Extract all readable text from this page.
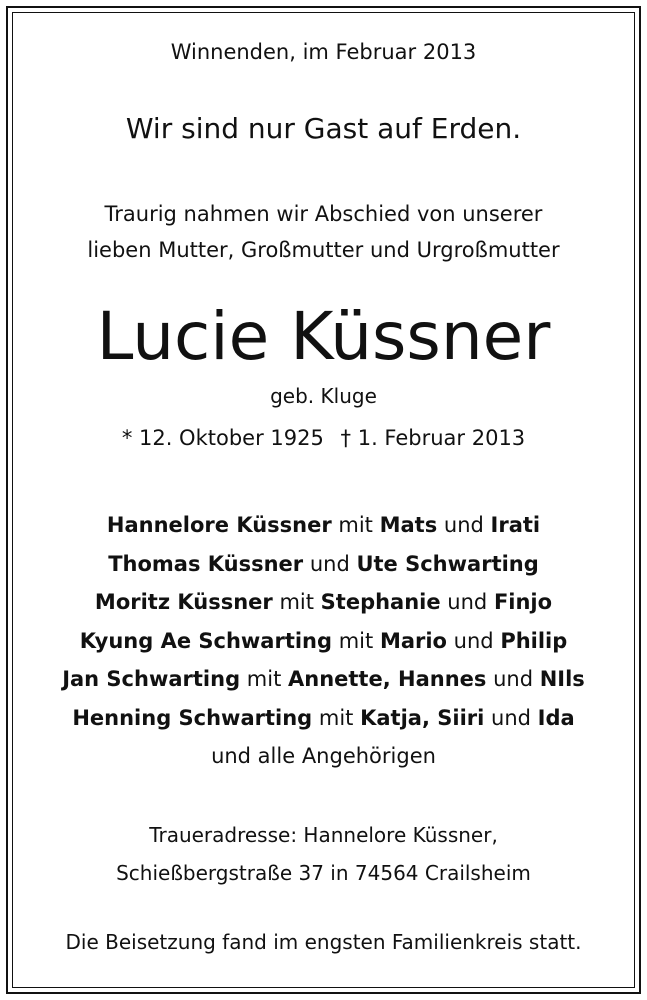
Winnenden, im Februar 2013
Wir sind nur Gast auf Erden.
Traurig nahmen wir Abschied von unserer
lieben Mutter, Großmutter und Urgroßmutter
Lucie Küssner
geb. Kluge
* 12. Oktober 1925 † 1. Februar 2013
Hannelore Küssner mit Mats und Irati
Thomas Küssner und Ute Schwarting
Moritz Küssner mit Stephanie und Finjo
Kyung Ae Schwarting mit Mario und Philip
Jan Schwarting mit Annette, Hannes und NIls
Henning Schwarting mit Katja, Siiri und Ida
und alle Angehörigen
Traueradresse: Hannelore Küssner,
Schießbergstraße 37 in 74564 Crailsheim
Die Beisetzung fand im engsten Familienkreis statt.
